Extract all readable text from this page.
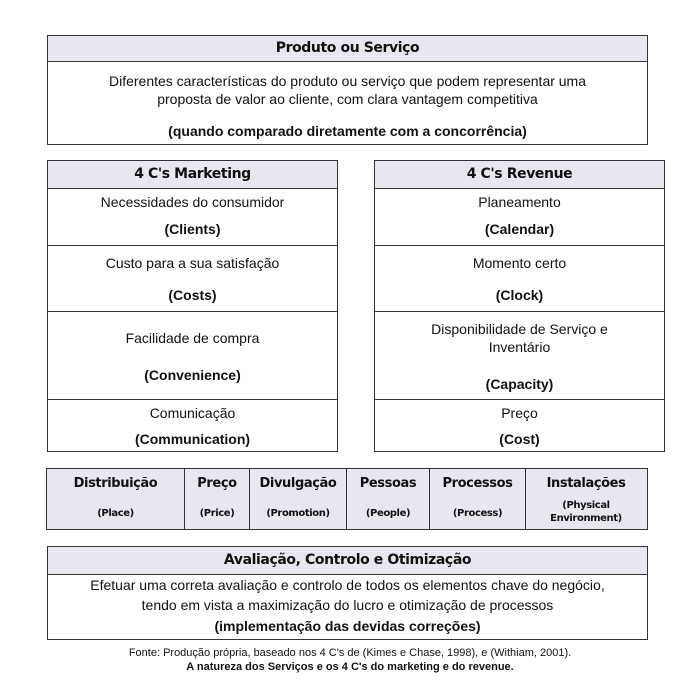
Produto ou Serviço
Diferentes características do produto ou serviço que podem representar uma
proposta de valor ao cliente, com clara vantagem competitiva
(quando comparado diretamente com a concorrência)
4 C's Marketing
Necessidades do consumidor
(Clients)
Custo para a sua satisfação
(Costs)
Facilidade de compra
(Convenience)
Comunicação
(Communication)
4 C's Revenue
Planeamento
(Calendar)
Momento certo
(Clock)
Disponibilidade de Serviço e
Inventário
(Capacity)
Preço
(Cost)
Distribuição
(Place)
Preço
(Price)
Divulgação
(Promotion)
Pessoas
(People)
Processos
(Process)
Instalações
(Physical
Environment)
Avaliação, Controlo e Otimização
Efetuar uma correta avaliação e controlo de todos os elementos chave do negócio,
tendo em vista a maximização do lucro e otimização de processos
(implementação das devidas correções)
Fonte: Produção própria, baseado nos 4 C's de (Kimes e Chase, 1998), e (Withiam, 2001).
A natureza dos Serviços e os 4 C's do marketing e do revenue.
